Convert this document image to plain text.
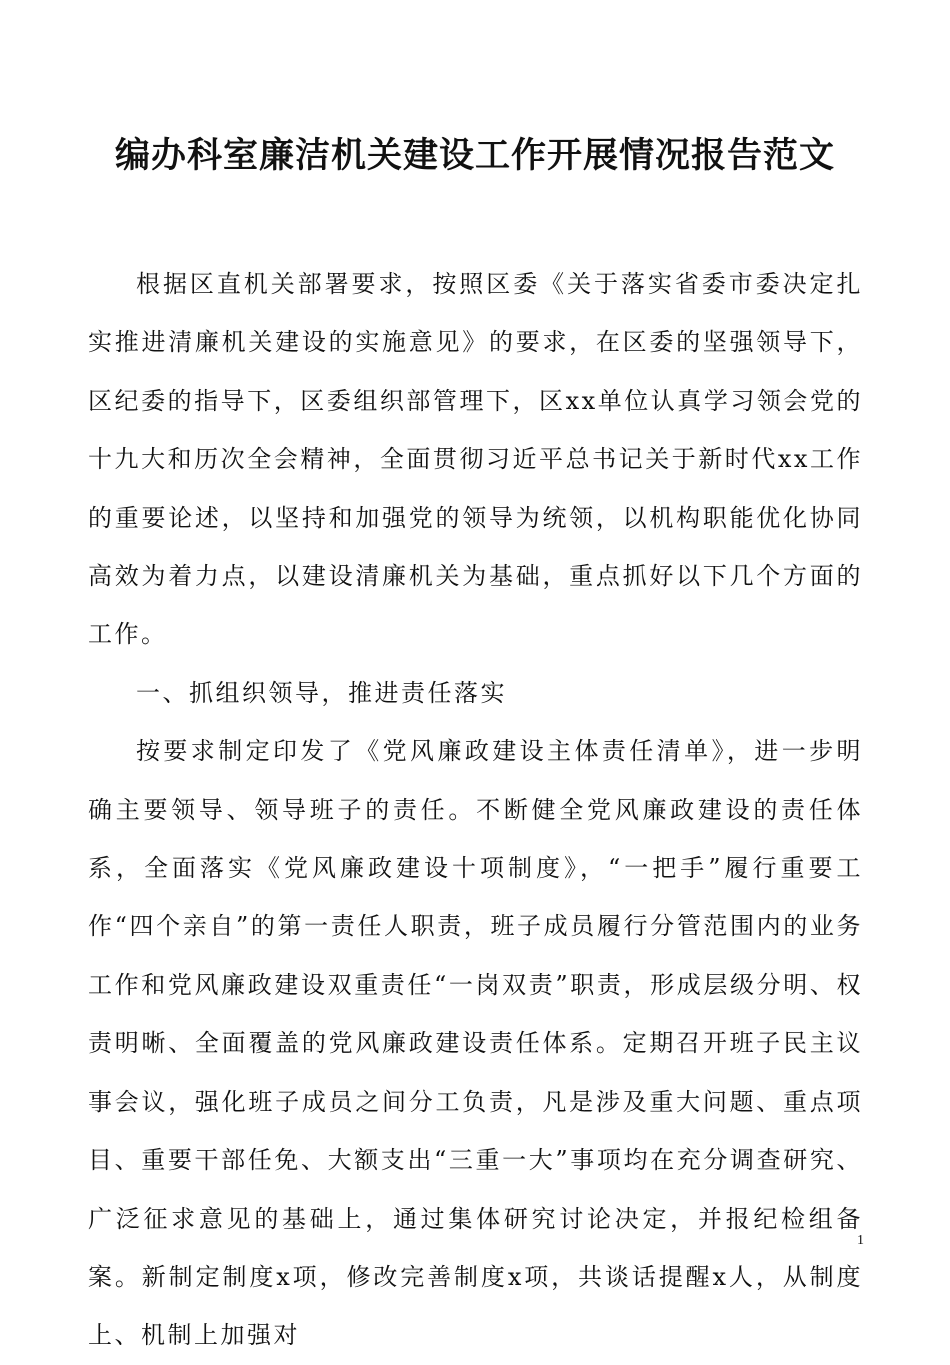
编办科室廉洁机关建设工作开展情况报告范文

根据区直机关部署要求，按照区委《关于落实省委市委决定扎实推进清廉机关建设的实施意见》的要求，在区委的坚强领导下，区纪委的指导下，区委组织部管理下，区xx单位认真学习领会党的十九大和历次全会精神，全面贯彻习近平总书记关于新时代xx工作的重要论述，以坚持和加强党的领导为统领，以机构职能优化协同高效为着力点，以建设清廉机关为基础，重点抓好以下几个方面的工作。

一、抓组织领导，推进责任落实

按要求制定印发了《党风廉政建设主体责任清单》，进一步明确主要领导、领导班子的责任。不断健全党风廉政建设的责任体系，全面落实《党风廉政建设十项制度》，“一把手”履行重要工作“四个亲自”的第一责任人职责，班子成员履行分管范围内的业务工作和党风廉政建设双重责任“一岗双责”职责，形成层级分明、权责明晰、全面覆盖的党风廉政建设责任体系。定期召开班子民主议事会议，强化班子成员之间分工负责，凡是涉及重大问题、重点项目、重要干部任免、大额支出“三重一大”事项均在充分调查研究、广泛征求意见的基础上，通过集体研究讨论决定，并报纪检组备案。新制定制度x项，修改完善制度x项，共谈话提醒x人，从制度上、机制上加强对

1
